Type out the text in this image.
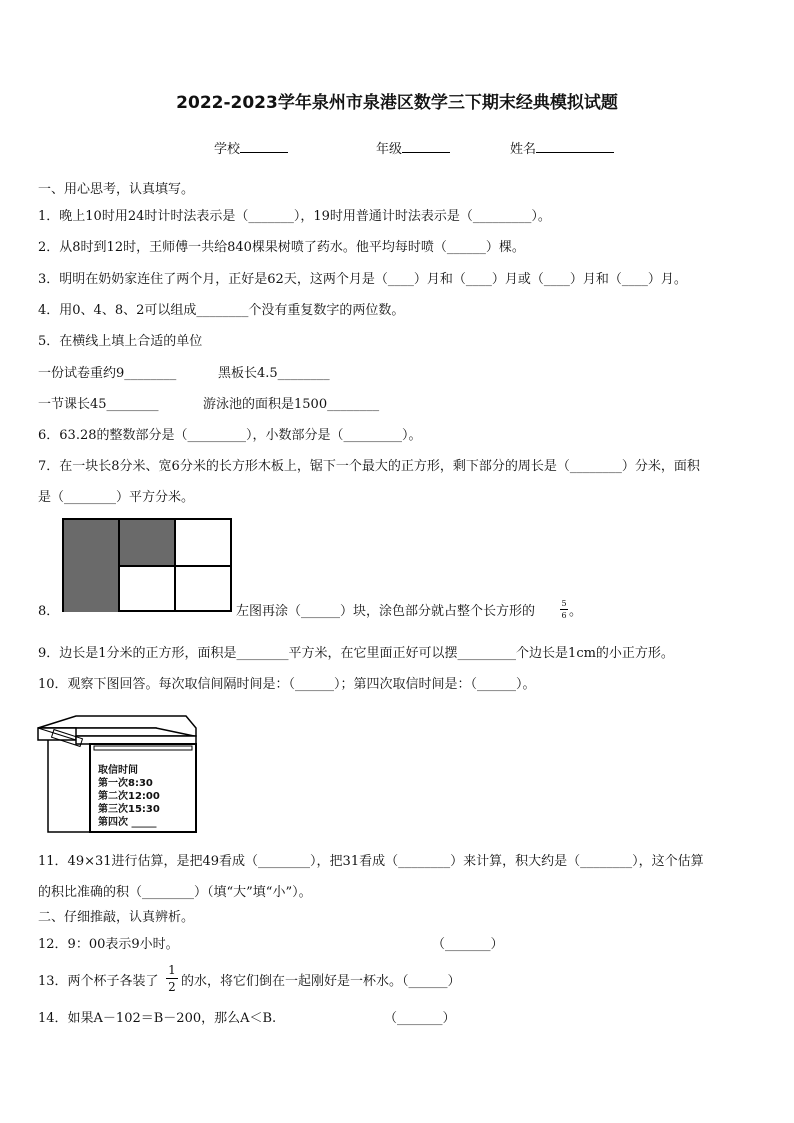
2022-2023学年泉州市泉港区数学三下期末经典模拟试题
学校	年级	姓名
一、用心思考，认真填写。
1．晚上10时用24时计时法表示是（_______），19时用普通计时法表示是（_________）。
2．从8时到12时，王师傅一共给840棵果树喷了药水。他平均每时喷（______）棵。
3．明明在奶奶家连住了两个月，正好是62天，这两个月是（____）月和（____）月或（____）月和（____）月。
4．用0、4、8、2可以组成________个没有重复数字的两位数。
5．在横线上填上合适的单位
一份试卷重约9________	黑板长4.5________
一节课长45________	游泳池的面积是1500________
6．63.28的整数部分是（_________），小数部分是（_________）。
7．在一块长8分米、宽6分米的长方形木板上，锯下一个最大的正方形，剩下部分的周长是（________）分米，面积
是（________）平方分米。
8．	左图再涂（______）块，涂色部分就占整个长方形的
5
6 。
9．边长是1分米的正方形，面积是________平方米，在它里面正好可以摆_________个边长是1cm的小正方形。
10．观察下图回答。每次取信间隔时间是：（______）；第四次取信时间是：（______）。
取信时间
第一次8:30
第二次12:00
第三次15:30
第四次 _____
11．49×31进行估算，是把49看成（________），把31看成（________）来计算，积大约是（________），这个估算
的积比准确的积（________）（填“大”填“小”）。
二、仔细推敲，认真辨析。
12．9：00表示9小时。	（_______）
13．两个杯子各装了
1
2 的水，将它们倒在一起刚好是一杯水。（______）
14．如果A－102＝B－200，那么A＜B.	（_______）
